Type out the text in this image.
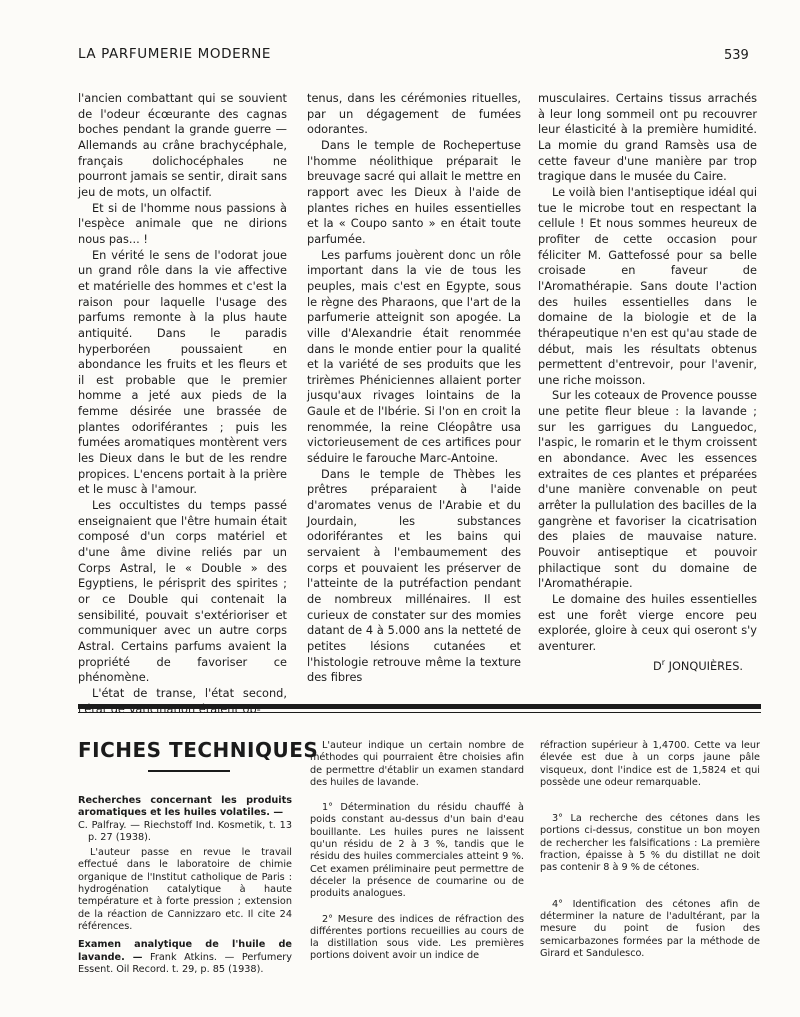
LA PARFUMERIE MODERNE	539

l'ancien combattant qui se souvient de l'odeur écœurante des cagnas boches pendant la grande guerre — Allemands au crâne brachycéphale, français dolichocéphales ne pourront jamais se sentir, dirait sans jeu de mots, un olfactif.

Et si de l'homme nous passions à l'espèce animale que ne dirions nous pas... !

En vérité le sens de l'odorat joue un grand rôle dans la vie affective et matérielle des hommes et c'est la raison pour laquelle l'usage des parfums remonte à la plus haute antiquité. Dans le paradis hyperboréen poussaient en abondance les fruits et les fleurs et il est probable que le premier homme a jeté aux pieds de la femme désirée une brassée de plantes odoriférantes ; puis les fumées aromatiques montèrent vers les Dieux dans le but de les rendre propices. L'encens portait à la prière et le musc à l'amour.

Les occultistes du temps passé enseignaient que l'être humain était composé d'un corps matériel et d'une âme divine reliés par un Corps Astral, le « Double » des Egyptiens, le périsprit des spirites ; or ce Double qui contenait la sensibilité, pouvait s'extérioriser et communiquer avec un autre corps Astral. Certains parfums avaient la propriété de favoriser ce phénomène.

L'état de transe, l'état second,

tenus, dans les cérémonies rituelles, par un dégagement de fumées odorantes.

Dans le temple de Rochepertuse l'homme néolithique préparait le breuvage sacré qui allait le mettre en rapport avec les Dieux à l'aide de plantes riches en huiles essentielles et la « Coupo santo » en était toute parfumée.

Les parfums jouèrent donc un rôle important dans la vie de tous les peuples, mais c'est en Egypte, sous le règne des Pharaons, que l'art de la parfumerie atteignit son apogée. La ville d'Alexandrie était renommée dans le monde entier pour la qualité et la variété de ses produits que les trirèmes Phéniciennes allaient porter jusqu'aux rivages lointains de la Gaule et de l'Ibérie. Si l'on en croit la renommée, la reine Cléopâtre usa victorieusement de ces artifices pour séduire le farouche Marc-Antoine.

Dans le temple de Thèbes les prêtres préparaient à l'aide d'aromates venus de l'Arabie et du Jourdain, les substances odoriférantes et les bains qui servaient à l'embaumement des corps et pouvaient les préserver de l'atteinte de la putréfaction pendant de nombreux millénaires. Il est curieux de constater sur des momies datant de 4 à 5.000 ans la netteté de petites lésions cutanées et l'histologie retrouve même la texture des fibres

musculaires. Certains tissus arrachés à leur long sommeil ont pu recouvrer leur élasticité à la première humidité. La momie du grand Ramsès usa de cette faveur d'une manière par trop tragique dans le musée du Caire.

Le voilà bien l'antiseptique idéal qui tue le microbe tout en respectant la cellule ! Et nous sommes heureux de profiter de cette occasion pour féliciter M. Gattefossé pour sa belle croisade en faveur de l'Aromathérapie. Sans doute l'action des huiles essentielles dans le domaine de la biologie et de la thérapeutique n'en est qu'au stade de début, mais les résultats obtenus permettent d'entrevoir, pour l'avenir, une riche moisson.

Sur les coteaux de Provence pousse une petite fleur bleue : la lavande ; sur les garrigues du Languedoc, l'aspic, le romarin et le thym croissent en abondance. Avec les essences extraites de ces plantes et préparées d'une manière convenable on peut arrêter la pullulation des bacilles de la gangrène et favoriser la cicatrisation des plaies de mauvaise nature. Pouvoir antiseptique et pouvoir philactique sont du domaine de l'Aromathérapie.

Le domaine des huiles essentielles est une forêt vierge encore peu explorée, gloire à ceux qui oseront s'y aventurer.

$D^r$ JONQUIÈRES.

FICHES TECHNIQUES

Recherches concernant les produits aromatiques et les huiles volatiles. —

C. Palfray. — Riechstoff Ind. Kosmetik, t. 13 p. 27 (1938).

L'auteur passe en revue le travail effectué dans le laboratoire de chimie organique de l'Institut catholique de Paris : hydrogénation catalytique à haute température et à forte pression ; extension de la réaction de Cannizzaro etc. Il cite 24 références.

Examen analytique de l'huile de lavande. — Frank Atkins. — Perfumery Essent. Oil Record. t. 29, p. 85 (1938).

L'auteur indique un certain nombre de méthodes qui pourraient être choisies afin de permettre d'établir un examen standard des huiles de lavande.

1° Détermination du résidu chauffé à poids constant au-dessus d'un bain d'eau bouillante. Les huiles pures ne laissent qu'un résidu de 2 à 3 %, tandis que le résidu des huiles commerciales atteint 9 %. Cet examen préliminaire peut permettre de déceler la présence de coumarine ou de produits analogues.

2° Mesure des indices de réfraction des différentes portions recueillies au cours de la distillation sous vide. Les premières portions doivent avoir un indice de

réfraction supérieur à 1,4700. Cette va leur élevée est due à un corps jaune pâle visqueux, dont l'indice est de 1,5824 et qui possède une odeur remarquable.

3° La recherche des cétones dans les portions ci-dessus, constitue un bon moyen de rechercher les falsifications : La première fraction, épaisse à 5 % du distillat ne doit pas contenir 8 à 9 % de cétones.

4° Identification des cétones afin de déterminer la nature de l'adultérant, par la mesure du point de fusion des semicarbazones formées par la méthode de Girard et Sandulesco.
